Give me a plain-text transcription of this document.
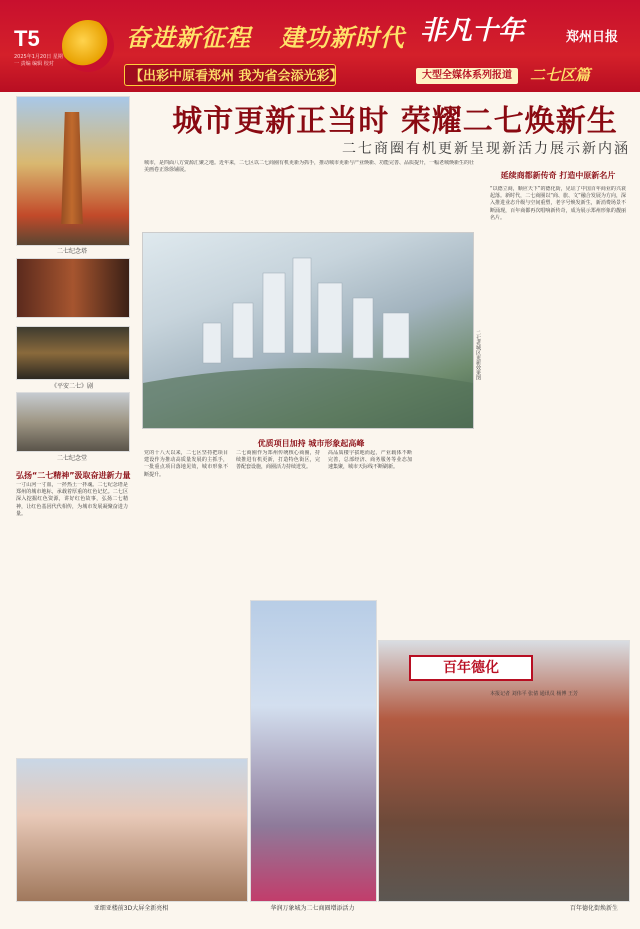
T5
2025年1月20日 星期一 责编 编辑 校对
奋进新征程 建功新时代
【出彩中原看郑州 我为省会添光彩】
非凡十年	郑州日报
大型全媒体系列报道	二七区篇
城市更新正当时 荣耀二七焕新生
二七商圈有机更新呈现新活力展示新内涵
二七纪念塔
《平安二七》剧
二七纪念堂
弘扬“二七精神”汲取奋进新力量
一寸山河一寸血，一抔热土一抔魂。二七纪念塔是郑州的城市地标，承载着厚重的红色记忆。二七区深入挖掘红色资源，讲好红色故事，弘扬二七精神，让红色基因代代相传，为城市发展凝聚奋进力量。
城市，是四面八方资源汇聚之地。近年来，二七区以二七商圈有机更新为抓手，推动城市更新与产业焕新、功能完善、品质提升，一幅老城焕新生的壮美画卷正徐徐铺展。
二七老城区更新效果图
延续商都新传奇 打造中原新名片
“以德立商，顺应天下”的德化街，见证了中国百年商业的兴衰起落。新时代，二七商圈以“商、旅、文”融合发展为方向，深入推进业态升级与空间重塑，老字号焕发新生，新消费场景不断涌现，百年商都再次唱响新传奇，成为展示郑州形象的靓丽名片。
优质项目加持 城市形象起高峰
党的十八大以来，二七区坚持把项目建设作为推动高质量发展的主抓手，一批重点项目落地见效，城市形象不断提升。
二七商圈作为郑州传统核心商圈，持续推进有机更新，打造特色街区，完善配套设施，商圈活力持续迸发。
高品质楼宇拔地而起，产业载体不断完善，总部经济、商务服务等业态加速集聚，城市天际线不断刷新。
亚细亚楼前3D大屏全新亮相	华润万象城为二七商圈增添活力
百年德化
百年德化街焕新生
本报记者 刘伟平 张倩 通讯员 杨博 王芳
